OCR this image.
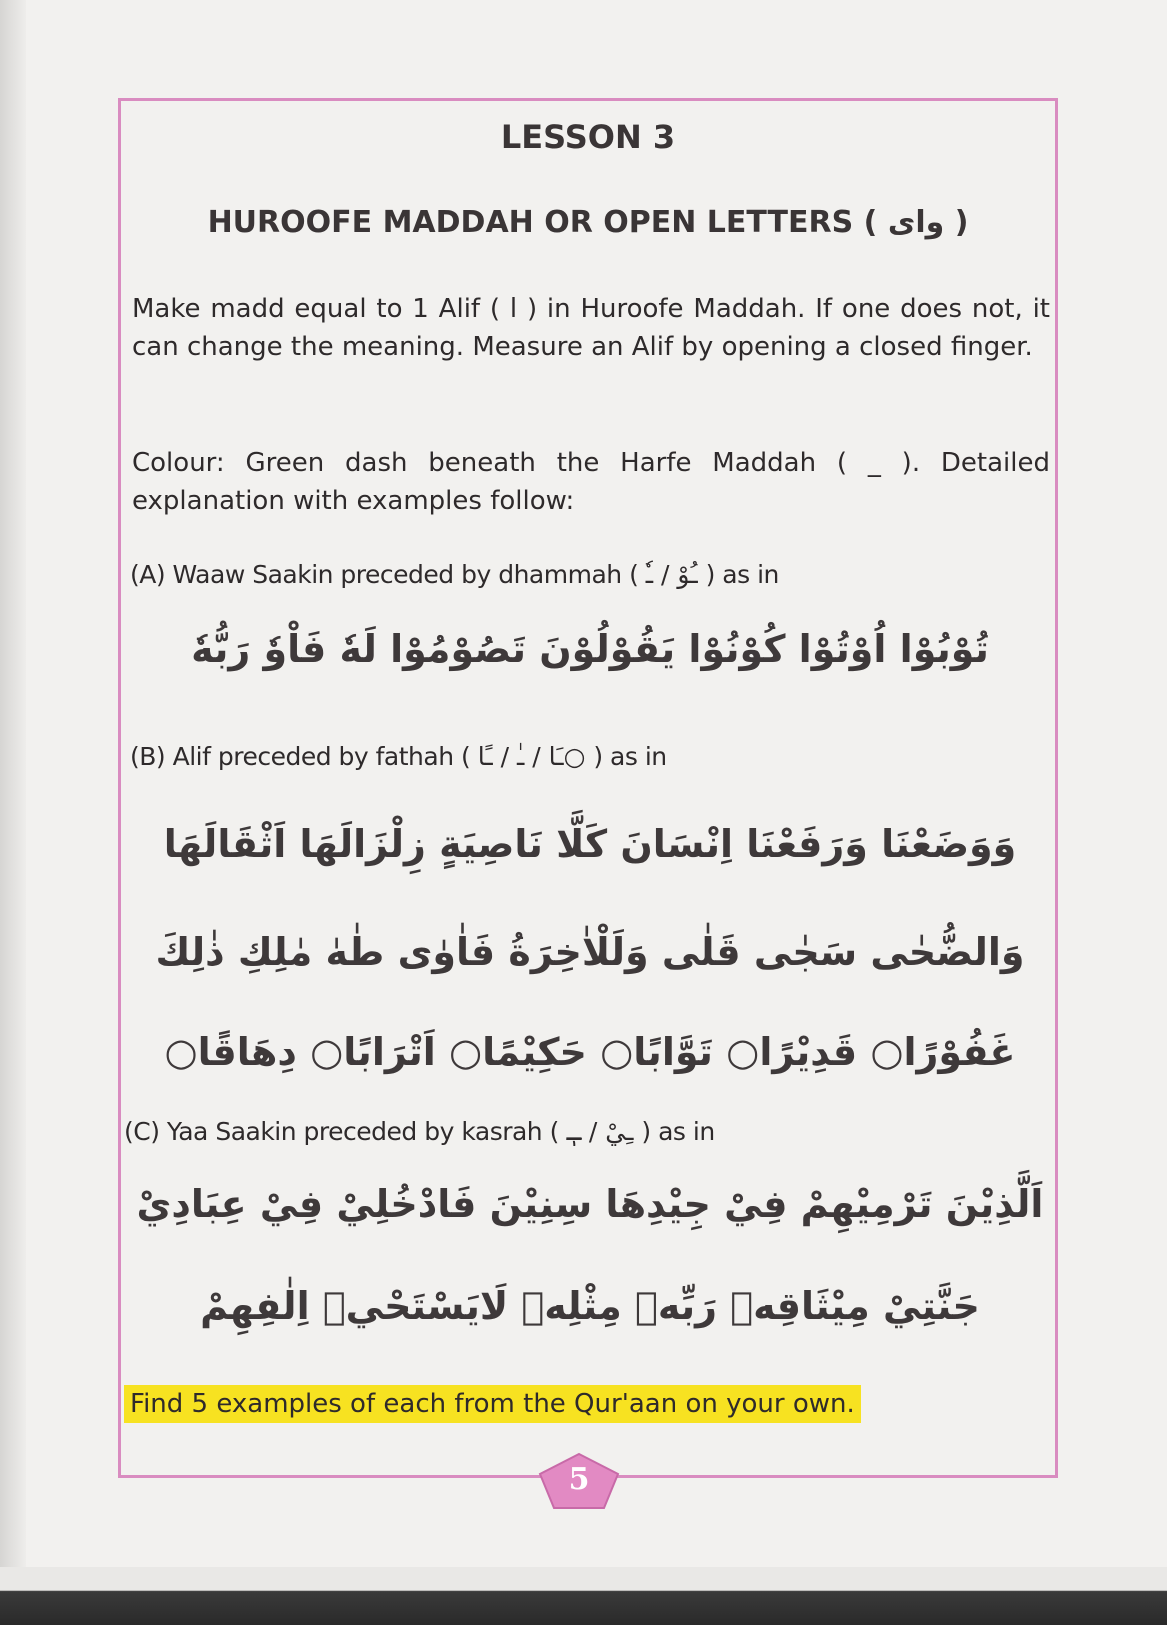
LESSON 3
HUROOFE MADDAH OR OPEN LETTERS ( وای )
Make madd equal to 1 Alif ( ا ) in Huroofe Maddah. If one does not, it can change the meaning. Measure an Alif by opening a closed finger.
Colour: Green dash beneath the Harfe Maddah ( _ ). Detailed explanation with examples follow:
(A) Waaw Saakin preceded by dhammah ( ـُوْ / ـٗ ) as in
تُوْبُوْا اُوْتُوْا كُوْنُوْا يَقُوْلُوْنَ تَصُوْمُوْا لَهٗ فَاْوٗ رَبُّهٗ
(B) Alif preceded by fathah ( ـَا / ـٰ / ـًا○ ) as in
وَوَضَعْنَا وَرَفَعْنَا اِنْسَانَ كَلَّا نَاصِيَةٍ زِلْزَالَهَا اَثْقَالَهَا
وَالضُّحٰى سَجٰى قَلٰى وَلَلْاٰخِرَةُ فَاٰوٰى طٰهٰ مٰلِكِ ذٰلِكَ
غَفُوْرًا○ قَدِيْرًا○ تَوَّابًا○ حَكِيْمًا○ اَتْرَابًا○ دِهَاقًا○
(C) Yaa Saakin preceded by kasrah ( ـِيْ / ـٖ ) as in
اَلَّذِيْنَ تَرْمِيْهِمْ فِيْ جِيْدِهَا سِنِيْنَ فَادْخُلِيْ فِيْ عِبَادِيْ
جَنَّتِيْ مِيْثَاقِهٖ رَبِّهٖ مِثْلِهٖ لَايَسْتَحْيٖ اِلٰفِهِمْ
Find 5 examples of each from the Qur'aan on your own.
5
